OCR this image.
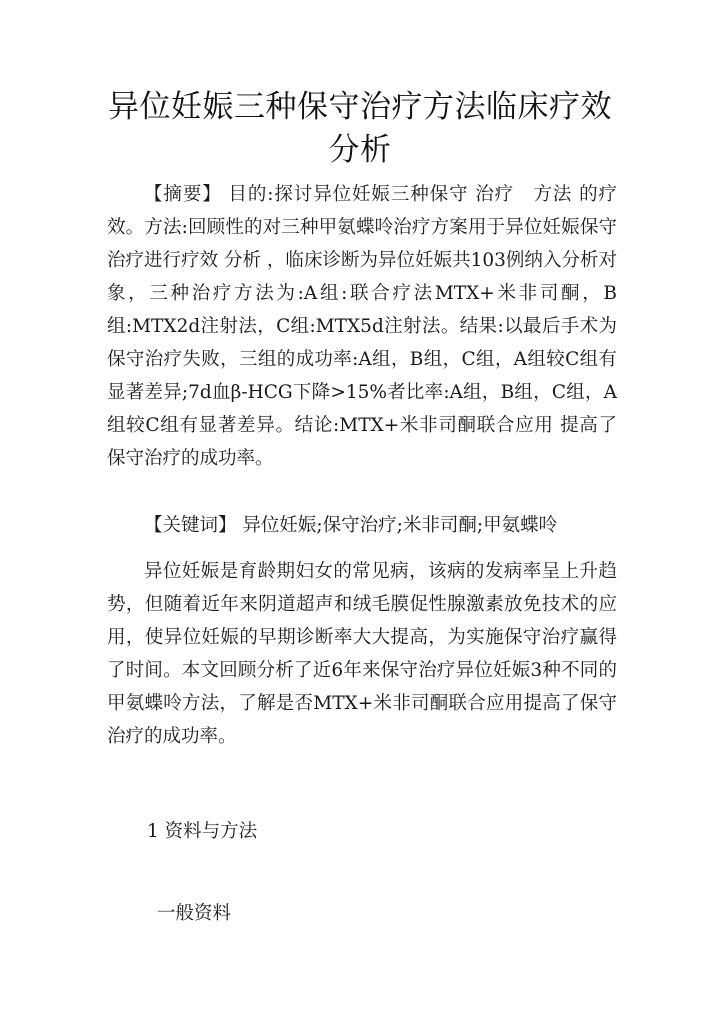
异位妊娠三种保守治疗方法临床疗效分析

【摘要】 目的:探讨异位妊娠三种保守 治疗　方法 的疗效。方法:回顾性的对三种甲氨蝶呤治疗方案用于异位妊娠保守治疗进行疗效 分析 ，临床诊断为异位妊娠共103例纳入分析对象，三种治疗方法为:A组:联合疗法MTX+米非司酮，B组:MTX2d注射法，C组:MTX5d注射法。结果:以最后手术为保守治疗失败，三组的成功率:A组，B组，C组，A组较C组有显著差异;7d血β-HCG下降>15%者比率:A组，B组，C组，A组较C组有显著差异。结论:MTX+米非司酮联合应用 提高了保守治疗的成功率。

【关键词】 异位妊娠;保守治疗;米非司酮;甲氨蝶呤

异位妊娠是育龄期妇女的常见病，该病的发病率呈上升趋势，但随着近年来阴道超声和绒毛膜促性腺激素放免技术的应用，使异位妊娠的早期诊断率大大提高，为实施保守治疗赢得了时间。本文回顾分析了近6年来保守治疗异位妊娠3种不同的甲氨蝶呤方法，了解是否MTX+米非司酮联合应用提高了保守治疗的成功率。

1 资料与方法
一般资料
